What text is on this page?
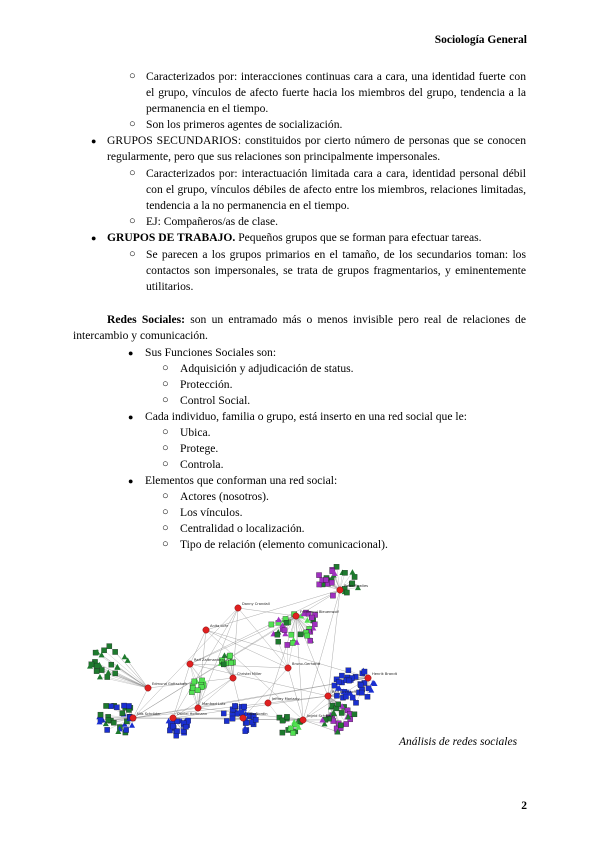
Sociología General
○ Caracterizados por: interacciones continuas cara a cara, una identidad fuerte con el grupo, vínculos de afecto fuerte hacia los miembros del grupo, tendencia a la permanencia en el tiempo.
○ Son los primeros agentes de socialización.
● GRUPOS SECUNDARIOS: constituidos por cierto número de personas que se conocen regularmente, pero que sus relaciones son principalmente impersonales.
○ Caracterizados por: interactuación limitada cara a cara, identidad personal débil con el grupo, vínculos débiles de afecto entre los miembros, relaciones limitadas, tendencia a la no permanencia en el tiempo.
○ EJ: Compañeros/as de clase.
● GRUPOS DE TRABAJO. Pequeños grupos que se forman para efectuar tareas.
○ Se parecen a los grupos primarios en el tamaño, de los secundarios toman: los contactos son impersonales, se trata de grupos fragmentarios, y eminentemente utilitarios.
Redes Sociales: son un entramado más o menos invisible pero real de relaciones de intercambio y comunicación.
● Sus Funciones Sociales son:
○ Adquisición y adjudicación de status.
○ Protección.
○ Control Social.
● Cada individuo, familia o grupo, está inserto en una red social que le:
○ Ubica.
○ Protege.
○ Controla.
● Elementos que conforman una red social:
○ Actores (nosotros).
○ Los vínculos.
○ Centralidad o localización.
○ Tipo de relación (elemento comunicacional).
Peter Rowlies
Ferdinand Bleuenwolf
Danny Crandall
Anita Lohr
Ralf Zaltmanden
Christel Miller
Bruno-Gerhardt
Ralf Kirchhoff
Jeffrey Moriarty
Manfred Lutz
Edmund Gottschalk
Nils Schröder	Daniel Hoffmann	Lars Nordin	Ingrid Schwarz
Henrik Brandt
Análisis de redes sociales
2
